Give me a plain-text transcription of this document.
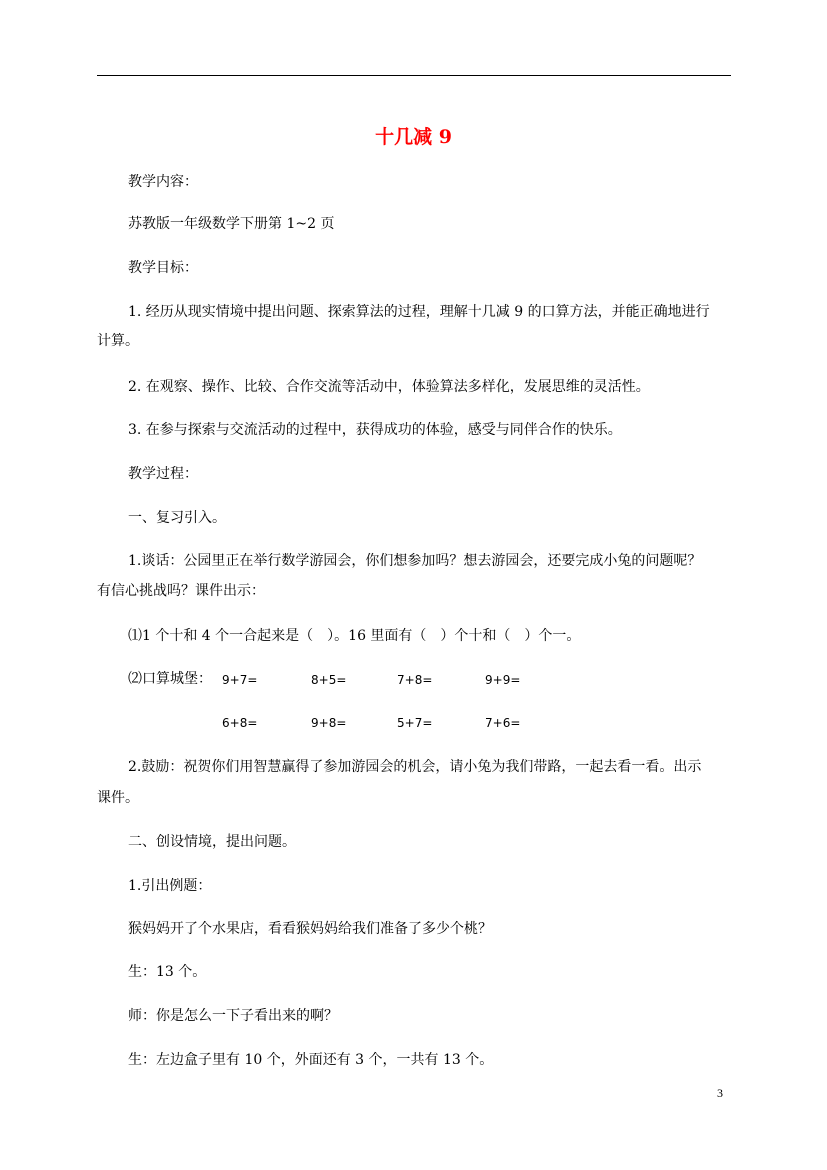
十几减 9

教学内容：

苏教版一年级数学下册第 1~2 页

教学目标：

1. 经历从现实情境中提出问题、探索算法的过程，理解十几减 9 的口算方法，并能正确地进行

计算。

2. 在观察、操作、比较、合作交流等活动中，体验算法多样化，发展思维的灵活性。

3. 在参与探索与交流活动的过程中，获得成功的体验，感受与同伴合作的快乐。

教学过程：

一、复习引入。

1.谈话：公园里正在举行数学游园会，你们想参加吗？想去游园会，还要完成小兔的问题呢？

有信心挑战吗？课件出示：

⑴1 个十和 4 个一合起来是（　）。16 里面有（　）个十和（　）个一。

⑵口算城堡： 9+7=	8+5=	7+8=	9+9=
6+8=	9+8=	5+7=	7+6=

2.鼓励：祝贺你们用智慧赢得了参加游园会的机会，请小兔为我们带路，一起去看一看。出示

课件。

二、创设情境，提出问题。

1.引出例题：

猴妈妈开了个水果店，看看猴妈妈给我们准备了多少个桃？

生：13 个。

师：你是怎么一下子看出来的啊？

生：左边盒子里有 10 个，外面还有 3 个，一共有 13 个。

3
